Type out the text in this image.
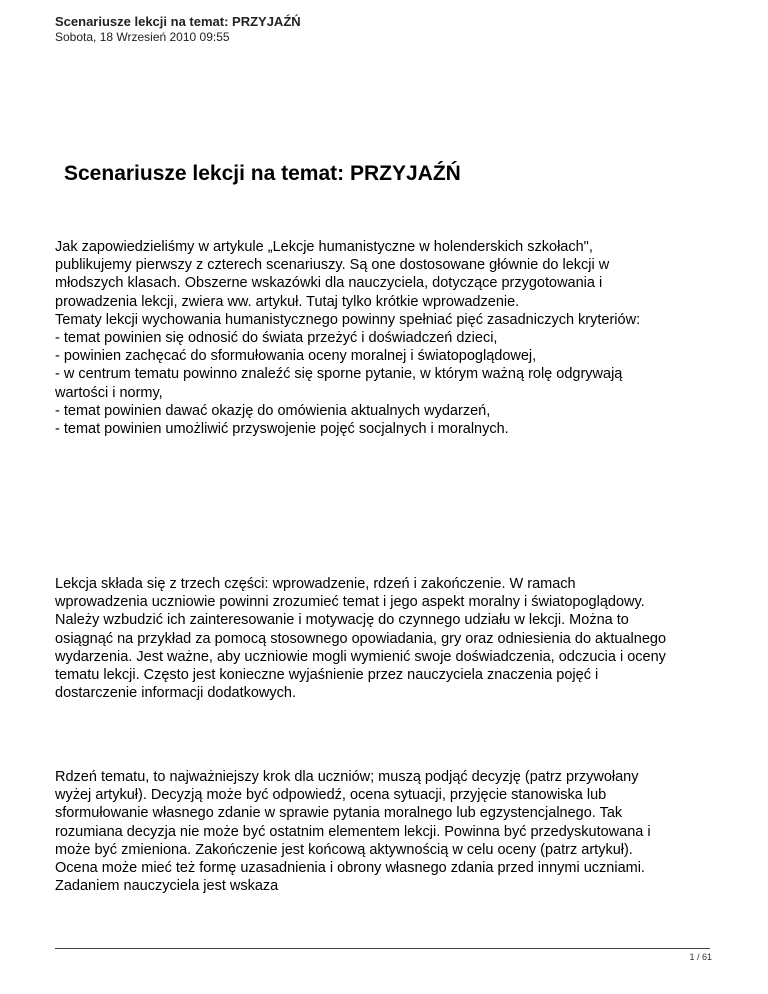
Scenariusze lekcji na temat: PRZYJAŹŃ
Sobota, 18 Wrzesień 2010 09:55
Scenariusze lekcji na temat: PRZYJAŹŃ
Jak zapowiedzieliśmy w artykule „Lekcje humanistyczne w holenderskich szkołach",
publikujemy pierwszy z czterech scenariuszy. Są one dostosowane głównie do lekcji w
młodszych klasach. Obszerne wskazówki dla nauczyciela, dotyczące przygotowania i
prowadzenia lekcji, zwiera ww. artykuł. Tutaj tylko krótkie wprowadzenie.
Tematy lekcji wychowania humanistycznego powinny spełniać pięć zasadniczych kryteriów:
- temat powinien się odnosić do świata przeżyć i doświadczeń dzieci,
- powinien zachęcać do sformułowania oceny moralnej i światopoglądowej,
- w centrum tematu powinno znaleźć się sporne pytanie, w którym ważną rolę odgrywają
wartości i normy,
- temat powinien dawać okazję do omówienia aktualnych wydarzeń,
- temat powinien umożliwić przyswojenie pojęć socjalnych i moralnych.
Lekcja składa się z trzech części: wprowadzenie, rdzeń i zakończenie. W ramach
wprowadzenia uczniowie powinni zrozumieć temat i jego aspekt moralny i światopoglądowy.
Należy wzbudzić ich zainteresowanie i motywację do czynnego udziału w lekcji. Można to
osiągnąć na przykład za pomocą stosownego opowiadania, gry oraz odniesienia do aktualnego
wydarzenia. Jest ważne, aby uczniowie mogli wymienić swoje doświadczenia, odczucia i oceny
tematu lekcji. Często jest konieczne wyjaśnienie przez nauczyciela znaczenia pojęć i
dostarczenie informacji dodatkowych.
Rdzeń tematu, to najważniejszy krok dla uczniów; muszą podjąć decyzję (patrz przywołany
wyżej artykuł). Decyzją może być odpowiedź, ocena sytuacji, przyjęcie stanowiska lub
sformułowanie własnego zdanie w sprawie pytania moralnego lub egzystencjalnego. Tak
rozumiana decyzja nie może być ostatnim elementem lekcji. Powinna być przedyskutowana i
może być zmieniona. Zakończenie jest końcową aktywnością w celu oceny (patrz artykuł).
Ocena może mieć też formę uzasadnienia i obrony własnego zdania przed innymi uczniami.
Zadaniem nauczyciela jest wskaza
1 / 61
